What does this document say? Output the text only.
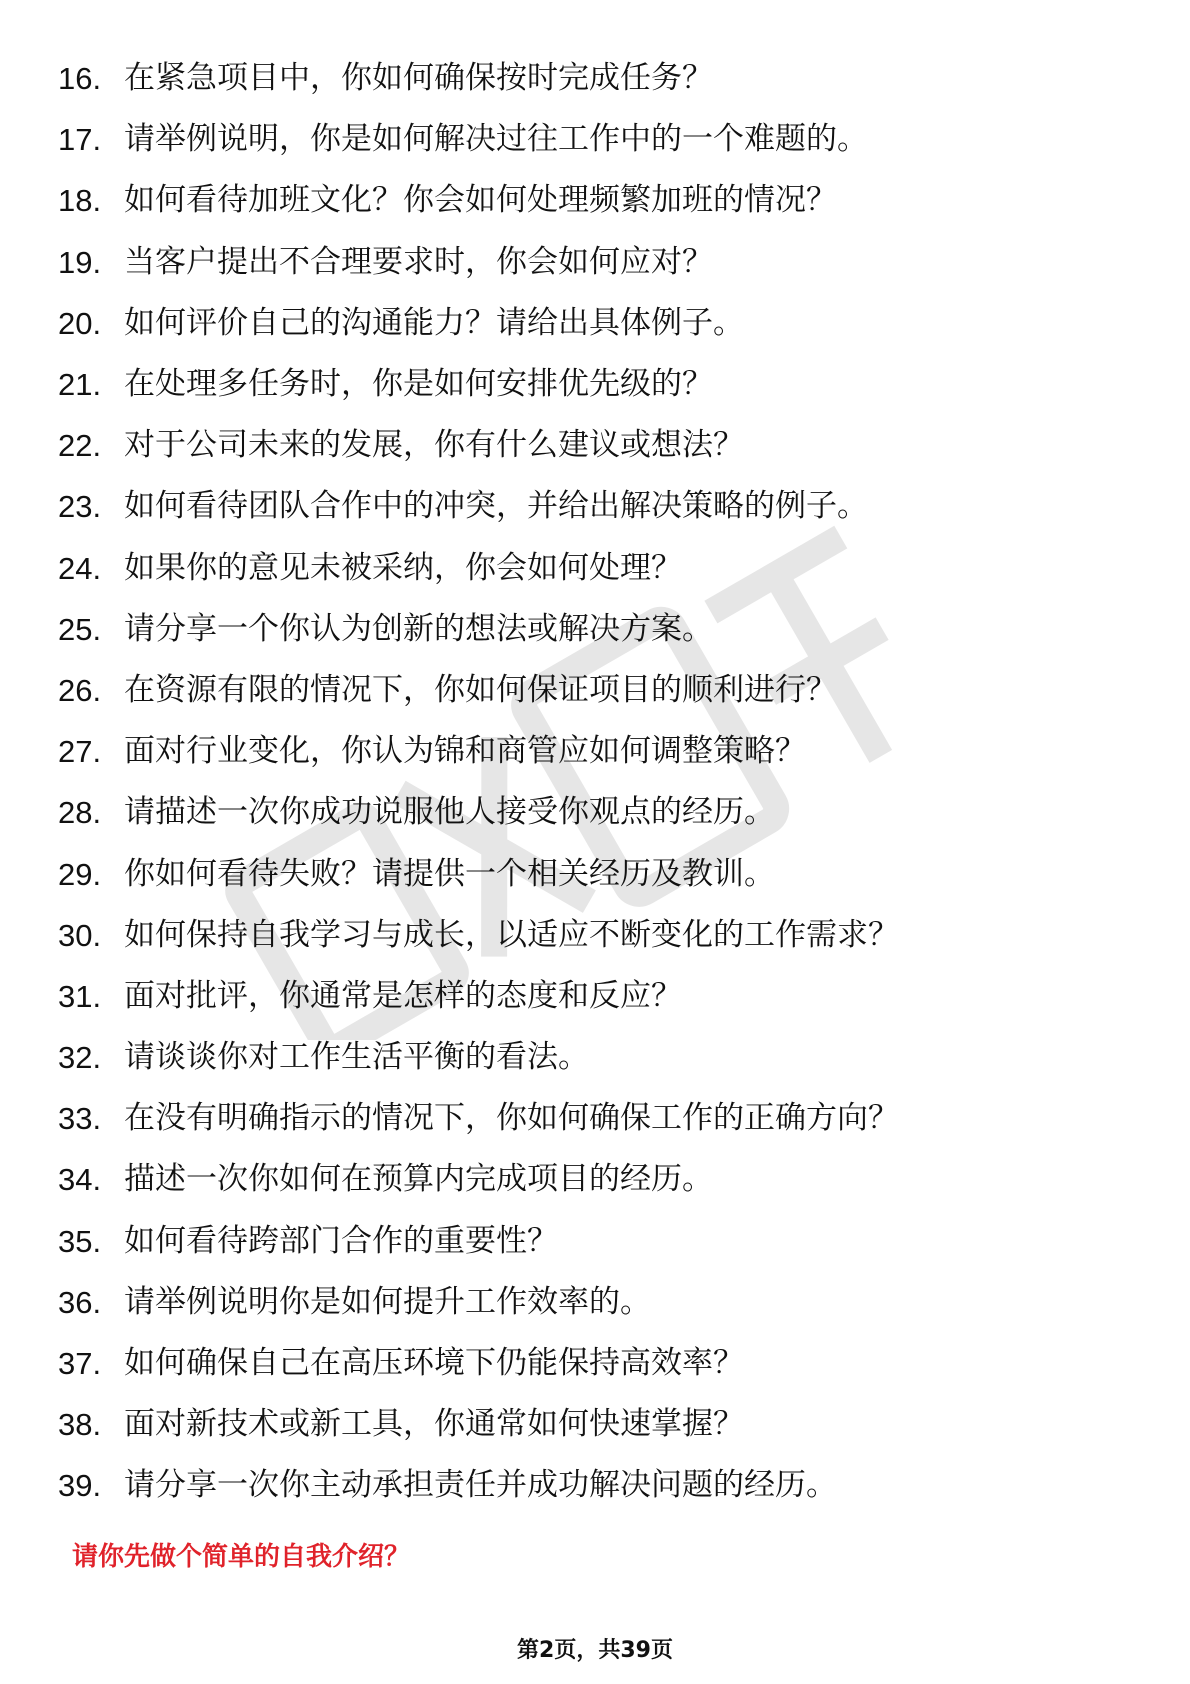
16. 在紧急项目中，你如何确保按时完成任务？
17. 请举例说明，你是如何解决过往工作中的一个难题的。
18. 如何看待加班文化？你会如何处理频繁加班的情况？
19. 当客户提出不合理要求时，你会如何应对？
20. 如何评价自己的沟通能力？请给出具体例子。
21. 在处理多任务时，你是如何安排优先级的？
22. 对于公司未来的发展，你有什么建议或想法？
23. 如何看待团队合作中的冲突，并给出解决策略的例子。
24. 如果你的意见未被采纳，你会如何处理？
25. 请分享一个你认为创新的想法或解决方案。
26. 在资源有限的情况下，你如何保证项目的顺利进行？
27. 面对行业变化，你认为锦和商管应如何调整策略？
28. 请描述一次你成功说服他人接受你观点的经历。
29. 你如何看待失败？请提供一个相关经历及教训。
30. 如何保持自我学习与成长，以适应不断变化的工作需求？
31. 面对批评，你通常是怎样的态度和反应？
32. 请谈谈你对工作生活平衡的看法。
33. 在没有明确指示的情况下，你如何确保工作的正确方向？
34. 描述一次你如何在预算内完成项目的经历。
35. 如何看待跨部门合作的重要性？
36. 请举例说明你是如何提升工作效率的。
37. 如何确保自己在高压环境下仍能保持高效率？
38. 面对新技术或新工具，你通常如何快速掌握？
39. 请分享一次你主动承担责任并成功解决问题的经历。
请你先做个简单的自我介绍？
第2页，共39页
